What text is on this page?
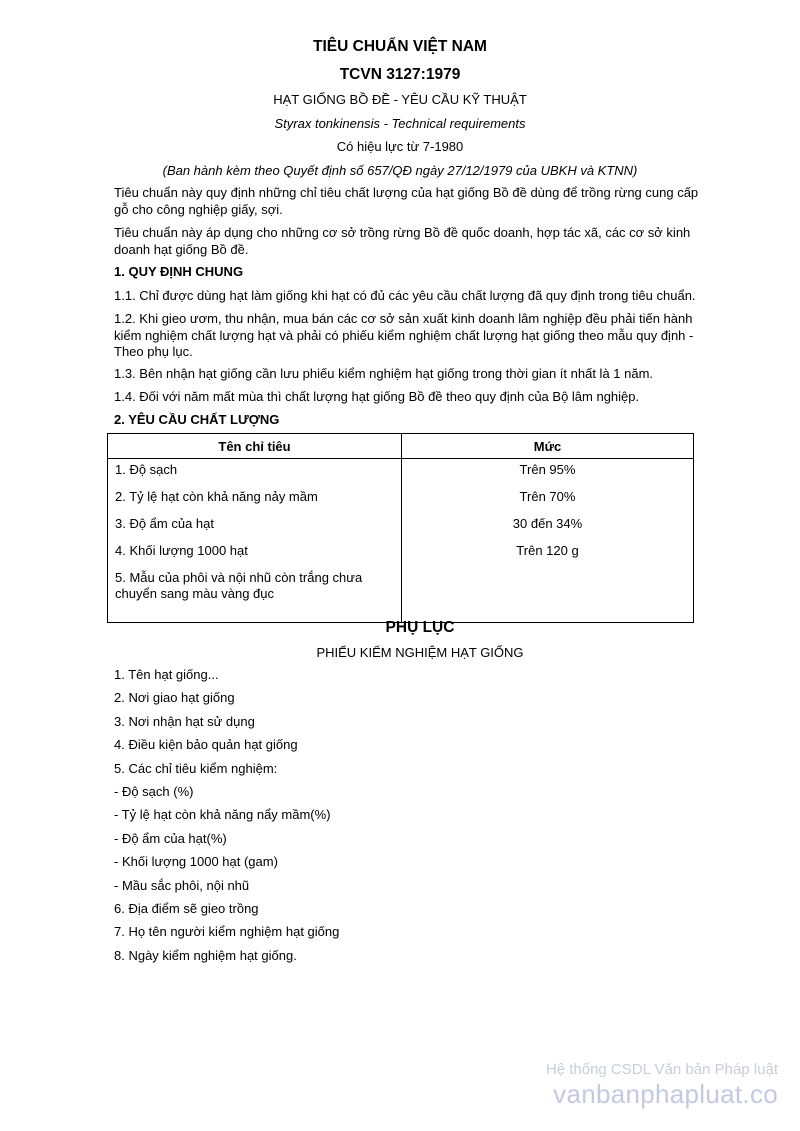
TIÊU CHUẨN VIỆT NAM
TCVN 3127:1979
HẠT GIỐNG BỒ ĐỀ - YÊU CẦU KỸ THUẬT
Styrax tonkinensis - Technical requirements
Có hiệu lực từ 7-1980
(Ban hành kèm theo Quyết định số 657/QĐ ngày 27/12/1979 của UBKH và KTNN)
Tiêu chuẩn này quy định những chỉ tiêu chất lượng của hạt giống Bồ đề dùng để trồng rừng cung cấp gỗ cho công nghiệp giấy, sợi.
Tiêu chuẩn này áp dụng cho những cơ sở trồng rừng Bồ đề quốc doanh, hợp tác xã, các cơ sở kinh doanh hạt giống Bồ đề.
1. QUY ĐỊNH CHUNG
1.1. Chỉ được dùng hạt làm giống khi hạt có đủ các yêu cầu chất lượng đã quy định trong tiêu chuẩn.
1.2. Khi gieo ươm, thu nhận, mua bán các cơ sở sản xuất kinh doanh lâm nghiệp đều phải tiến hành kiểm nghiệm chất lượng hạt và phải có phiếu kiểm nghiệm chất lượng hạt giống theo mẫu quy định - Theo phụ lục.
1.3. Bên nhận hạt giống cần lưu phiếu kiểm nghiệm hạt giống trong thời gian ít nhất là 1 năm.
1.4. Đối với năm mất mùa thì chất lượng hạt giống Bồ đề theo quy định của Bộ lâm nghiệp.
2. YÊU CẦU CHẤT LƯỢNG
Tên chỉ tiêu	Mức
1. Độ sạch	Trên 95%
2. Tỷ lệ hạt còn khả năng nảy mầm	Trên 70%
3. Độ ẩm của hạt	30 đến 34%
4. Khối lượng 1000 hạt	Trên 120 g
5. Mẫu của phôi và nội nhũ còn trắng chưa chuyển sang màu vàng đục	
PHỤ LỤC
PHIẾU KIỂM NGHIỆM HẠT GIỐNG
1. Tên hạt giống...
2. Nơi giao hạt giống
3. Nơi nhận hạt sử dụng
4. Điều kiện bảo quản hạt giống
5. Các chỉ tiêu kiểm nghiệm:
- Độ sạch (%)
- Tỷ lệ hạt còn khả năng nẩy mầm(%)
- Độ ẩm của hạt(%)
- Khối lượng 1000 hạt (gam)
- Mầu sắc phôi, nội nhũ
6. Địa điểm sẽ gieo trồng
7. Họ tên người kiểm nghiệm hạt giống
8. Ngày kiểm nghiệm hạt giống.
Hệ thống CSDL Văn bản Pháp luật
vanbanphapluat.co
